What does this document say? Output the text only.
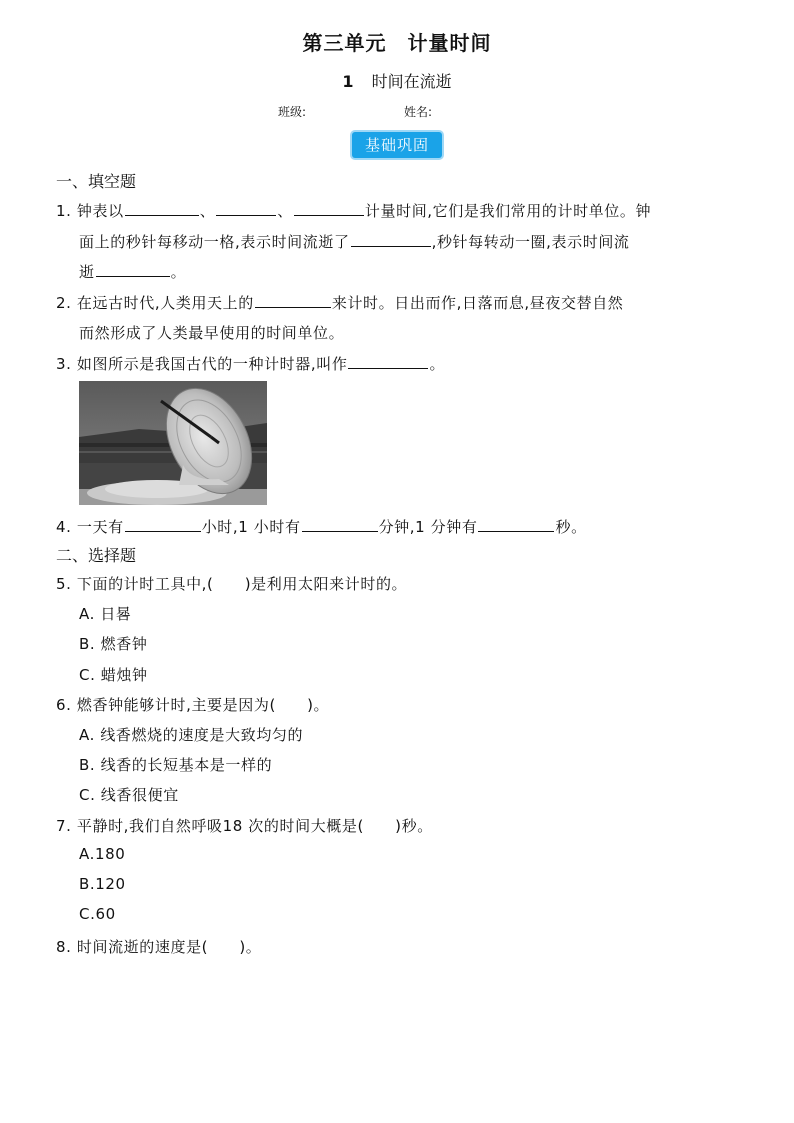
第三单元　计量时间
1 时间在流逝
班级:	姓名:
基础巩固
一、填空题
1. 钟表以	、	、	计量时间,它们是我们常用的计时单位。钟
面上的秒针每移动一格,表示时间流逝了	,秒针每转动一圈,表示时间流
逝	。
2. 在远古时代,人类用天上的	来计时。日出而作,日落而息,昼夜交替自然
而然形成了人类最早使用的时间单位。
3. 如图所示是我国古代的一种计时器,叫作	。
4. 一天有	小时,1 小时有	分钟,1 分钟有	秒。
二、选择题
5. 下面的计时工具中,(　　)是利用太阳来计时的。
A. 日晷
B. 燃香钟
C. 蜡烛钟
6. 燃香钟能够计时,主要是因为(　　)。
A. 线香燃烧的速度是大致均匀的
B. 线香的长短基本是一样的
C. 线香很便宜
7. 平静时,我们自然呼吸18 次的时间大概是(　　)秒。
A.180
B.120
C.60
8. 时间流逝的速度是(　　)。
